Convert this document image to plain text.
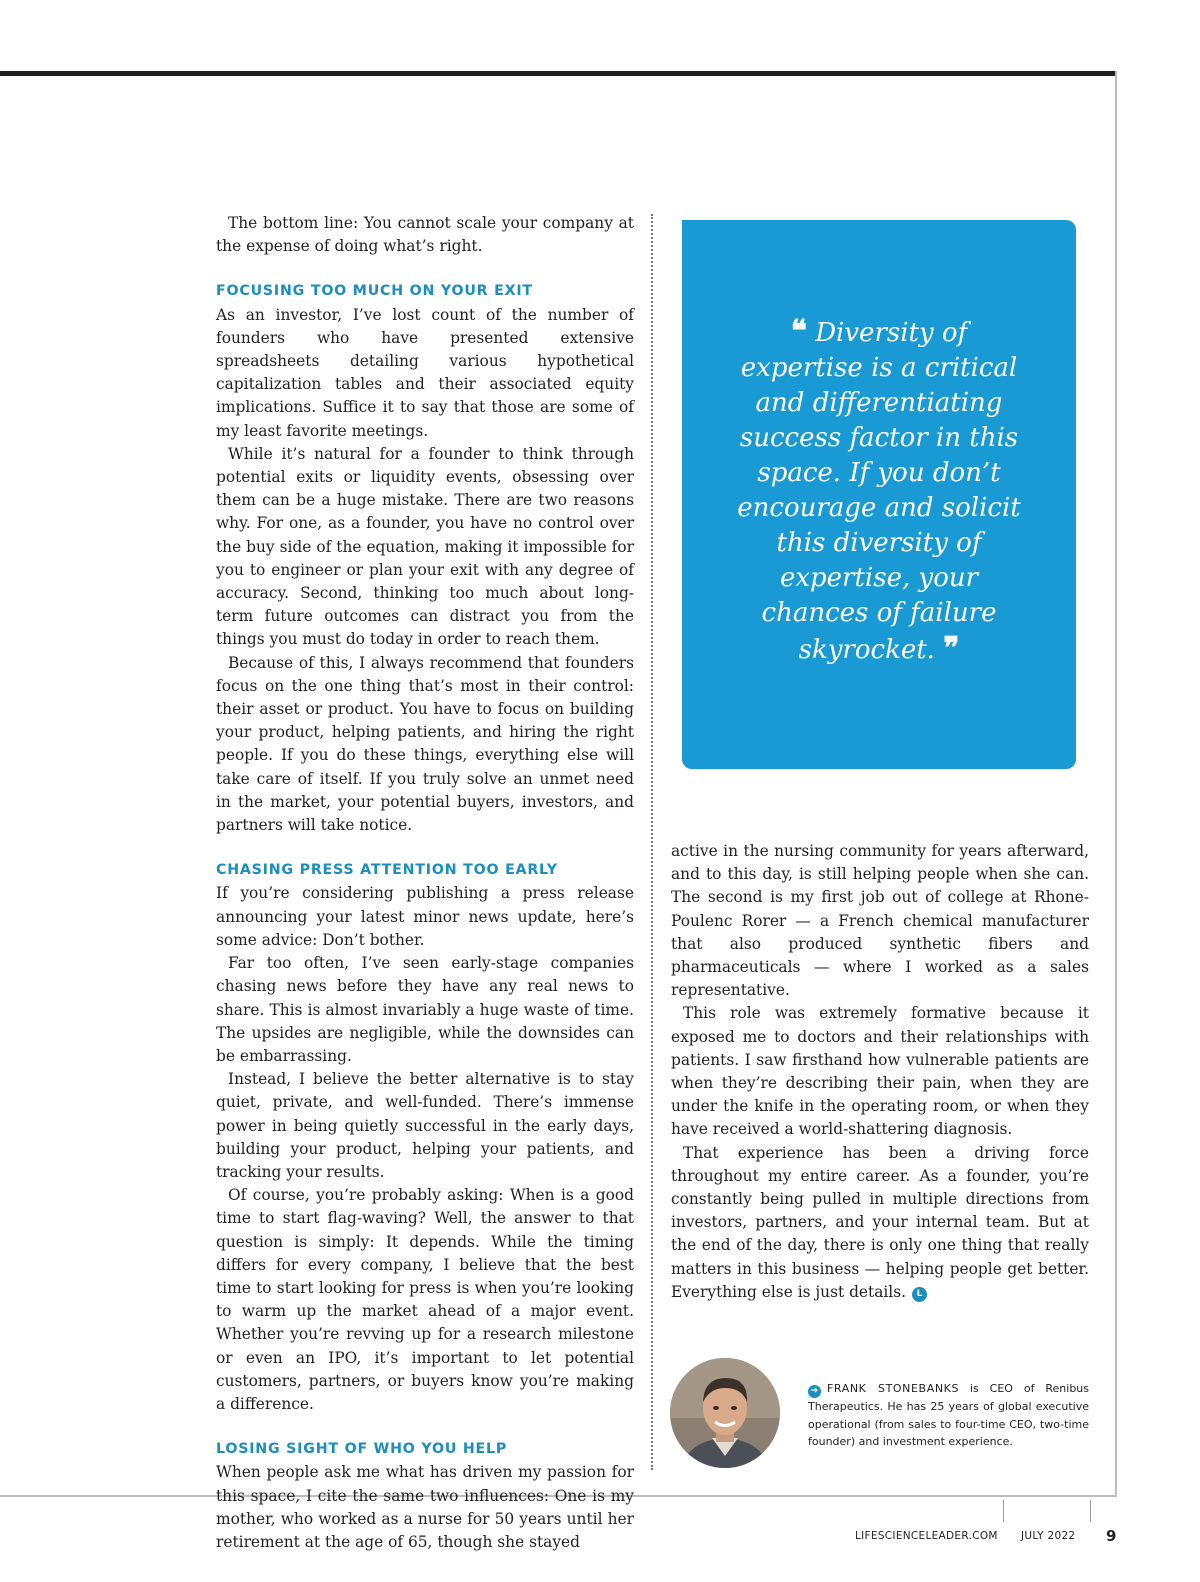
The bottom line: You cannot scale your company at the expense of doing what’s right.

FOCUSING TOO MUCH ON YOUR EXIT

As an investor, I’ve lost count of the number of founders who have presented extensive spreadsheets detailing various hypothetical capitalization tables and their associated equity implications. Suffice it to say that those are some of my least favorite meetings.

While it’s natural for a founder to think through potential exits or liquidity events, obsessing over them can be a huge mistake. There are two reasons why. For one, as a founder, you have no control over the buy side of the equation, making it impossible for you to engineer or plan your exit with any degree of accuracy. Second, thinking too much about long-term future outcomes can distract you from the things you must do today in order to reach them.

Because of this, I always recommend that founders focus on the one thing that’s most in their control: their asset or product. You have to focus on building your product, helping patients, and hiring the right people. If you do these things, everything else will take care of itself. If you truly solve an unmet need in the market, your potential buyers, investors, and partners will take notice.

CHASING PRESS ATTENTION TOO EARLY

If you’re considering publishing a press release announcing your latest minor news update, here’s some advice: Don’t bother.

Far too often, I’ve seen early-stage companies chasing news before they have any real news to share. This is almost invariably a huge waste of time. The upsides are negligible, while the downsides can be embarrassing.

Instead, I believe the better alternative is to stay quiet, private, and well-funded. There’s immense power in being quietly successful in the early days, building your product, helping your patients, and tracking your results.

Of course, you’re probably asking: When is a good time to start flag-waving? Well, the answer to that question is simply: It depends. While the timing differs for every company, I believe that the best time to start looking for press is when you’re looking to warm up the market ahead of a major event. Whether you’re revving up for a research milestone or even an IPO, it’s important to let potential customers, partners, or buyers know you’re making a difference.

LOSING SIGHT OF WHO YOU HELP

When people ask me what has driven my passion for this space, I cite the same two influences: One is my mother, who worked as a nurse for 50 years until her retirement at the age of 65, though she stayed

❝ Diversity of expertise is a critical and differentiating success factor in this space. If you don’t encourage and solicit this diversity of expertise, your chances of failure skyrocket. ❞

active in the nursing community for years afterward, and to this day, is still helping people when she can. The second is my first job out of college at Rhone-Poulenc Rorer — a French chemical manufacturer that also produced synthetic fibers and pharmaceuticals — where I worked as a sales representative.

This role was extremely formative because it exposed me to doctors and their relationships with patients. I saw firsthand how vulnerable patients are when they’re describing their pain, when they are under the knife in the operating room, or when they have received a world-shattering diagnosis.

That experience has been a driving force throughout my entire career. As a founder, you’re constantly being pulled in multiple directions from investors, partners, and your internal team. But at the end of the day, there is only one thing that really matters in this business — helping people get better. Everything else is just details. L

➔ FRANK STONEBANKS is CEO of Renibus Therapeutics. He has 25 years of global executive operational (from sales to four-time CEO, two-time founder) and investment experience.
LIFESCIENCELEADER.COM JULY 2022 9
